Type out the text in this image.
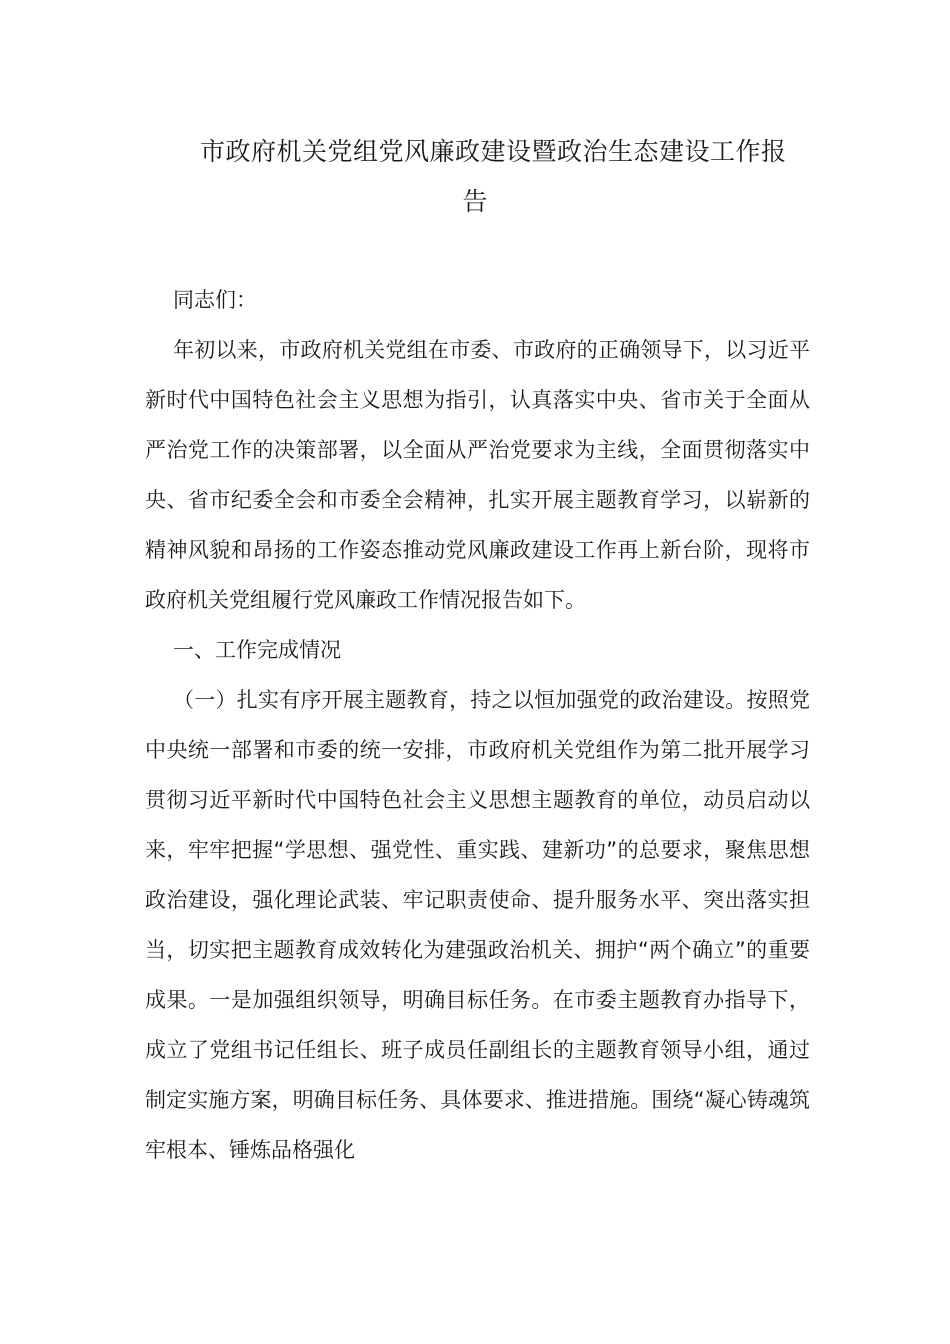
市政府机关党组党风廉政建设暨政治生态建设工作报
告

同志们：

年初以来，市政府机关党组在市委、市政府的正确领导下，以习近平新时代中国特色社会主义思想为指引，认真落实中央、省市关于全面从严治党工作的决策部署，以全面从严治党要求为主线，全面贯彻落实中央、省市纪委全会和市委全会精神，扎实开展主题教育学习，以崭新的精神风貌和昂扬的工作姿态推动党风廉政建设工作再上新台阶，现将市政府机关党组履行党风廉政工作情况报告如下。

一、工作完成情况

（一）扎实有序开展主题教育，持之以恒加强党的政治建设。按照党中央统一部署和市委的统一安排，市政府机关党组作为第二批开展学习贯彻习近平新时代中国特色社会主义思想主题教育的单位，动员启动以来，牢牢把握“学思想、强党性、重实践、建新功”的总要求，聚焦思想政治建设，强化理论武装、牢记职责使命、提升服务水平、突出落实担当，切实把主题教育成效转化为建强政治机关、拥护“两个确立”的重要成果。一是加强组织领导，明确目标任务。在市委主题教育办指导下，成立了党组书记任组长、班子成员任副组长的主题教育领导小组，通过制定实施方案，明确目标任务、具体要求、推进措施。围绕“凝心铸魂筑牢根本、锤炼品格强化
